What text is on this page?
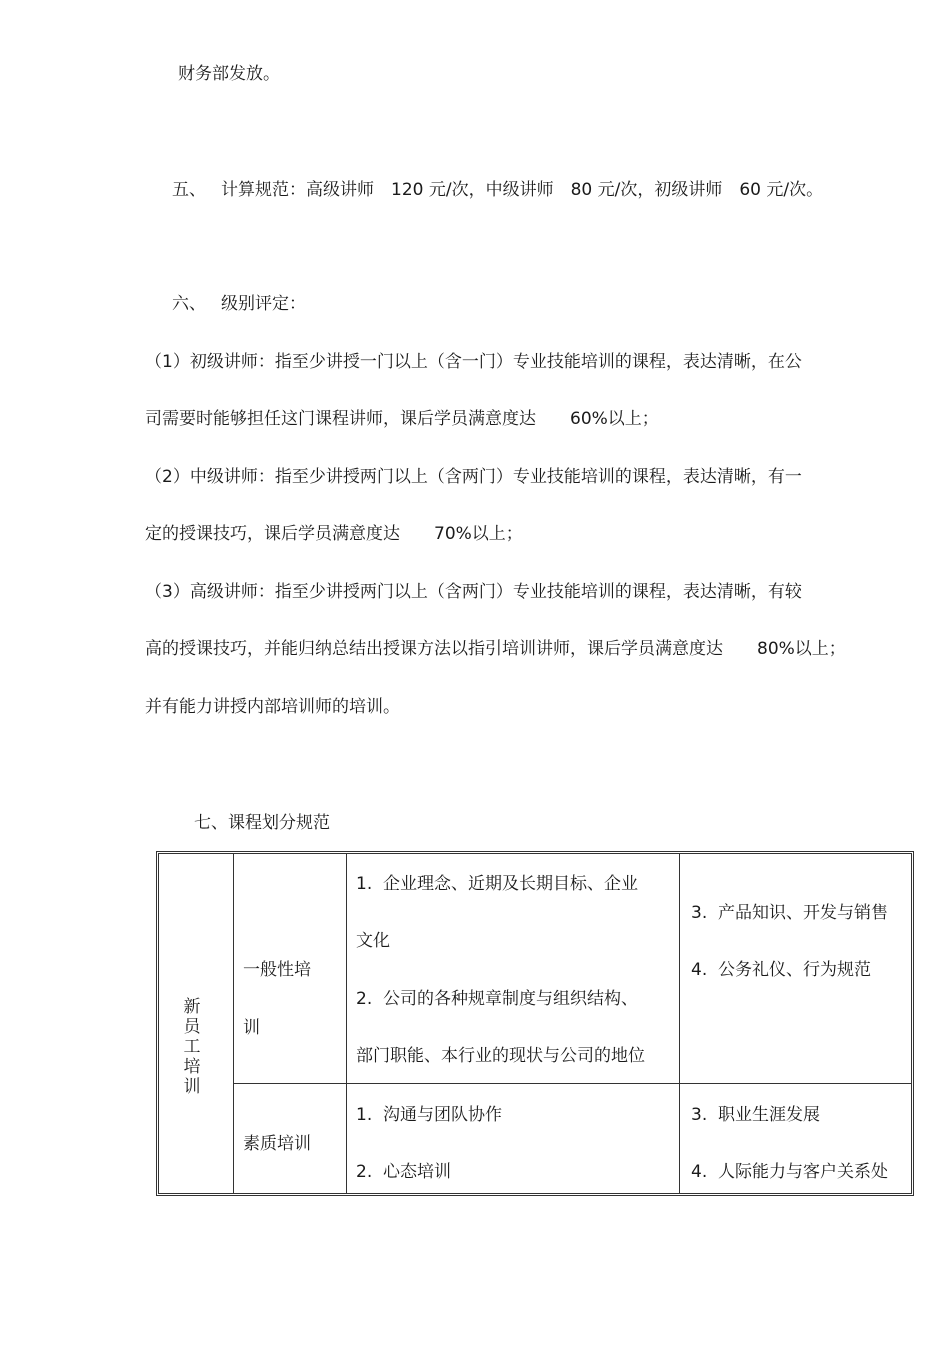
财务部发放。
五、 计算规范：高级讲师　120 元/次，中级讲师　80 元/次，初级讲师　60 元/次。
六、 级别评定：
（1）初级讲师：指至少讲授一门以上（含一门）专业技能培训的课程，表达清晰，在公
司需要时能够担任这门课程讲师，课后学员满意度达　　60%以上；
（2）中级讲师：指至少讲授两门以上（含两门）专业技能培训的课程，表达清晰，有一
定的授课技巧，课后学员满意度达　　70%以上；
（3）高级讲师：指至少讲授两门以上（含两门）专业技能培训的课程，表达清晰，有较
高的授课技巧，并能归纳总结出授课方法以指引培训讲师，课后学员满意度达　　80%以上；
并有能力讲授内部培训师的培训。
七、课程划分规范
新
员
工
培
训
一般性培
训
1.  企业理念、近期及长期目标、企业
文化
2.  公司的各种规章制度与组织结构、
部门职能、本行业的现状与公司的地位
3.  产品知识、开发与销售
4.  公务礼仪、行为规范
素质培训
1.  沟通与团队协作
2.  心态培训
3.  职业生涯发展
4.  人际能力与客户关系处
